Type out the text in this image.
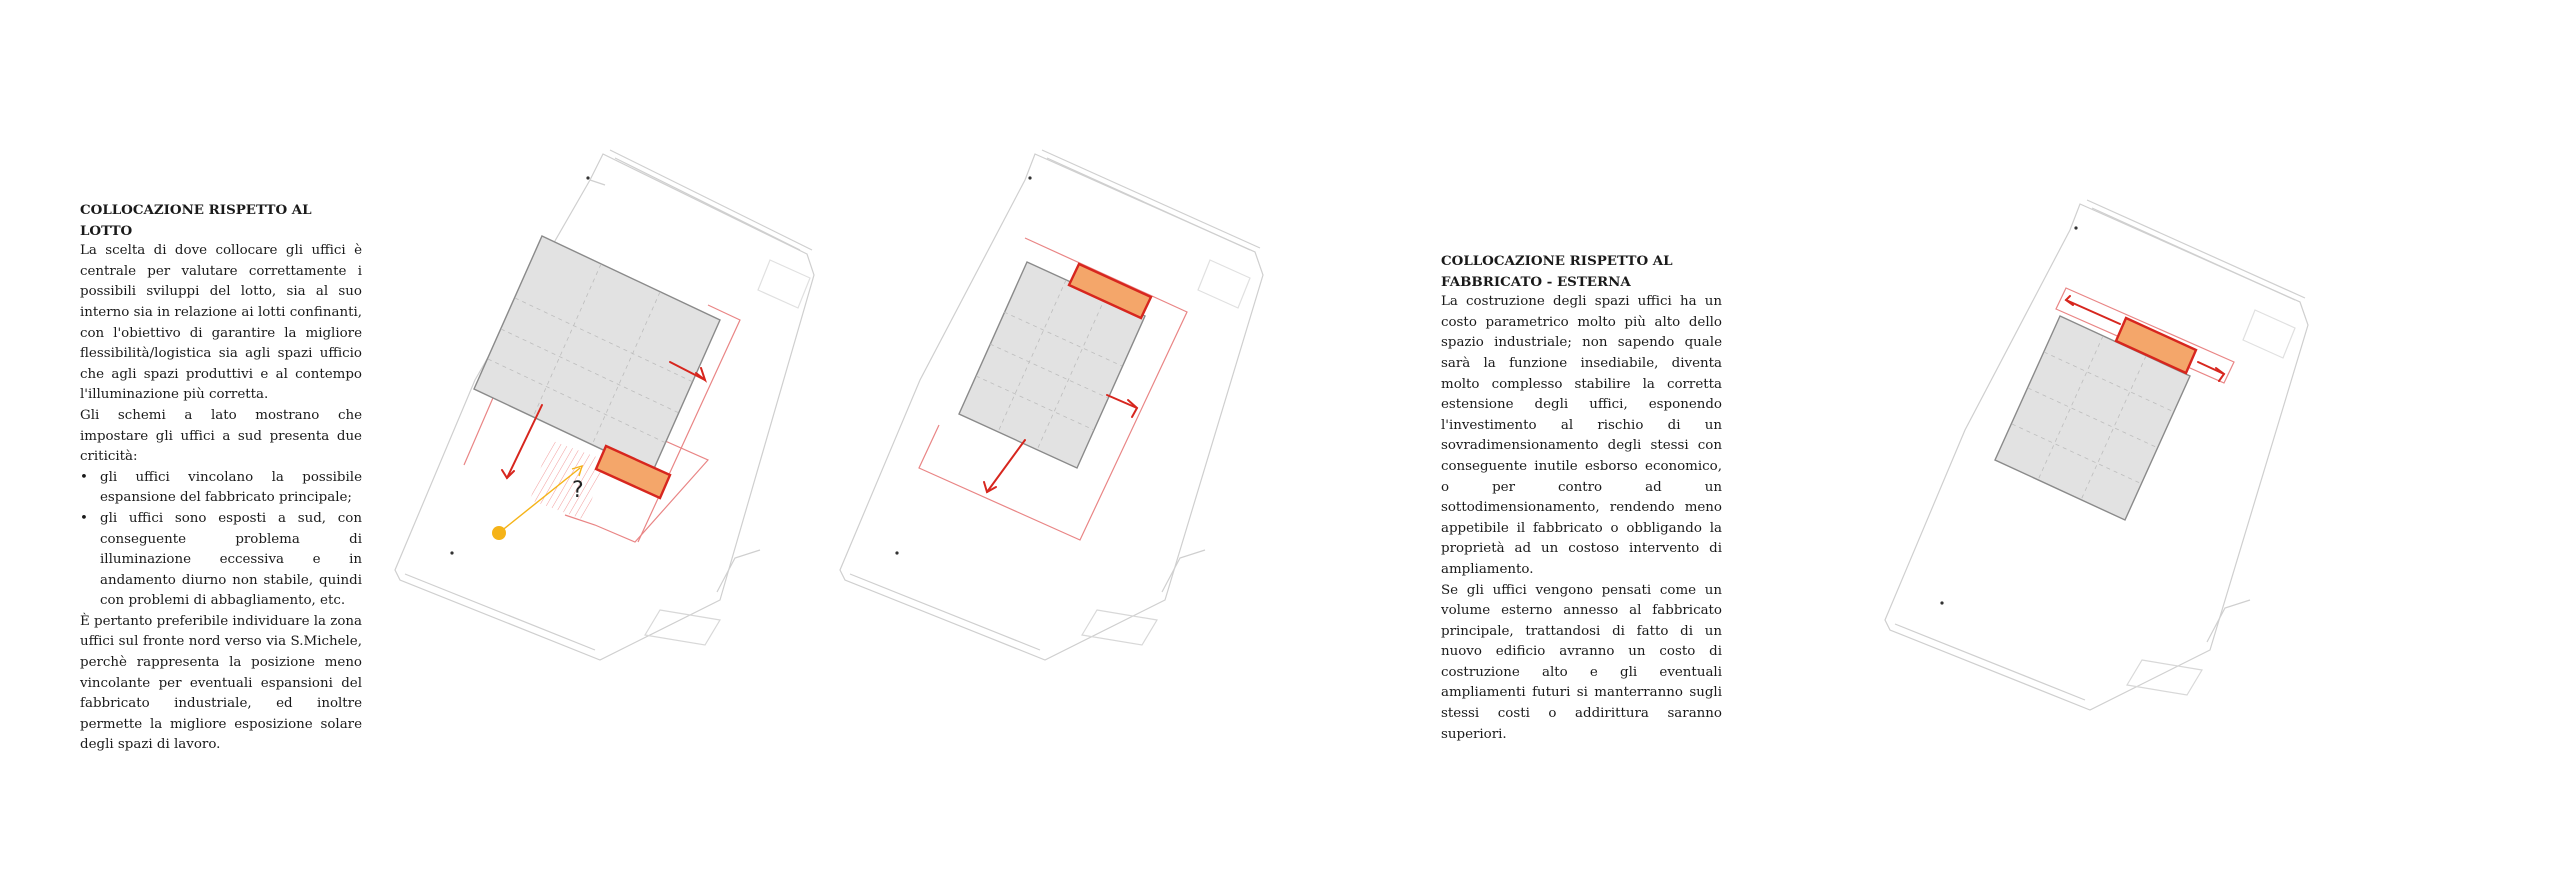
COLLOCAZIONE RISPETTO AL LOTTO

La scelta di dove collocare gli uffici è centrale per valutare correttamente i possibili sviluppi del lotto, sia al suo interno sia in relazione ai lotti confinanti, con l'obiettivo di garantire la migliore flessibilità/logistica sia agli spazi ufficio che agli spazi produttivi e al contempo l'illuminazione più corretta.

Gli schemi a lato mostrano che impostare gli uffici a sud presenta due criticità:

• gli uffici vincolano la possibile espansione del fabbricato principale;
• gli uffici sono esposti a sud, con conseguente problema di illuminazione eccessiva e in andamento diurno non stabile, quindi con problemi di abbagliamento, etc.

È pertanto preferibile individuare la zona uffici sul fronte nord verso via S.Michele, perchè rappresenta la posizione meno vincolante per eventuali espansioni del fabbricato industriale, ed inoltre permette la migliore esposizione solare degli spazi di lavoro.

COLLOCAZIONE RISPETTO AL FABBRICATO - ESTERNA

La costruzione degli spazi uffici ha un costo parametrico molto più alto dello spazio industriale; non sapendo quale sarà la funzione insediabile, diventa molto complesso stabilire la corretta estensione degli uffici, esponendo l'investimento al rischio di un sovradimensionamento degli stessi con conseguente inutile esborso economico, o per contro ad un sottodimensionamento, rendendo meno appetibile il fabbricato o obbligando la proprietà ad un costoso intervento di ampliamento.

Se gli uffici vengono pensati come un volume esterno annesso al fabbricato principale, trattandosi di fatto di un nuovo edificio avranno un costo di costruzione alto e gli eventuali ampliamenti futuri si manterranno sugli stessi costi o addirittura saranno superiori.

?
